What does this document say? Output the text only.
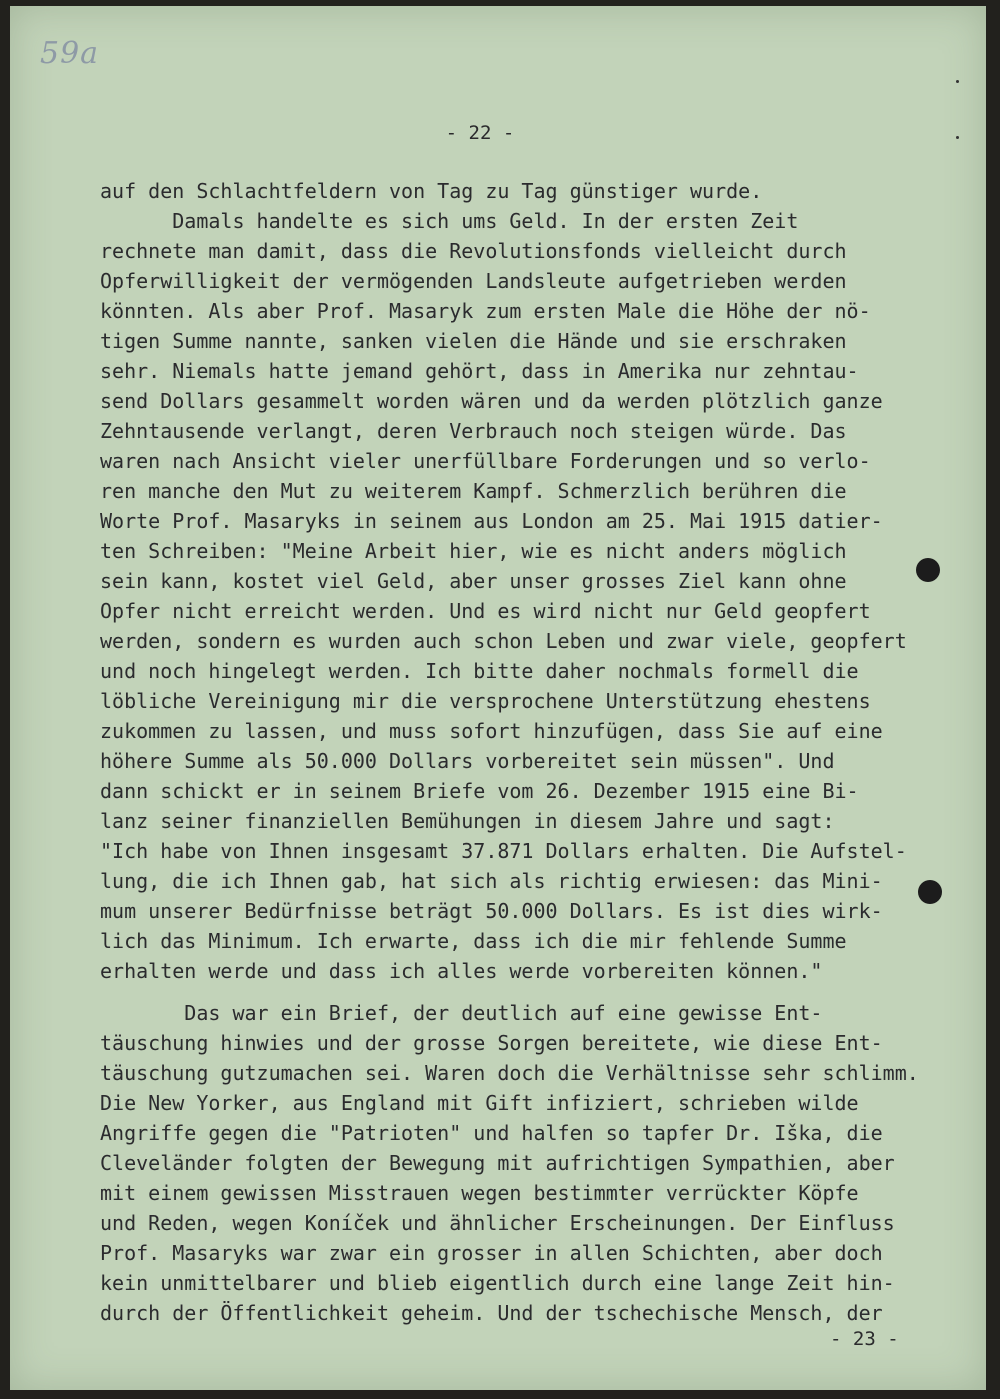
59a
- 22 -
auf den Schlachtfeldern von Tag zu Tag günstiger wurde.
Damals handelte es sich ums Geld. In der ersten Zeit
rechnete man damit, dass die Revolutionsfonds vielleicht durch
Opferwilligkeit der vermögenden Landsleute aufgetrieben werden
könnten. Als aber Prof. Masaryk zum ersten Male die Höhe der nö-
tigen Summe nannte, sanken vielen die Hände und sie erschraken
sehr. Niemals hatte jemand gehört, dass in Amerika nur zehntau-
send Dollars gesammelt worden wären und da werden plötzlich ganze
Zehntausende verlangt, deren Verbrauch noch steigen würde. Das
waren nach Ansicht vieler unerfüllbare Forderungen und so verlo-
ren manche den Mut zu weiterem Kampf. Schmerzlich berühren die
Worte Prof. Masaryks in seinem aus London am 25. Mai 1915 datier-
ten Schreiben: "Meine Arbeit hier, wie es nicht anders möglich
sein kann, kostet viel Geld, aber unser grosses Ziel kann ohne
Opfer nicht erreicht werden. Und es wird nicht nur Geld geopfert
werden, sondern es wurden auch schon Leben und zwar viele, geopfert
und noch hingelegt werden. Ich bitte daher nochmals formell die
löbliche Vereinigung mir die versprochene Unterstützung ehestens
zukommen zu lassen, und muss sofort hinzufügen, dass Sie auf eine
höhere Summe als 50.000 Dollars vorbereitet sein müssen". Und
dann schickt er in seinem Briefe vom 26. Dezember 1915 eine Bi-
lanz seiner finanziellen Bemühungen in diesem Jahre und sagt:
"Ich habe von Ihnen insgesamt 37.871 Dollars erhalten. Die Aufstel-
lung, die ich Ihnen gab, hat sich als richtig erwiesen: das Mini-
mum unserer Bedürfnisse beträgt 50.000 Dollars. Es ist dies wirk-
lich das Minimum. Ich erwarte, dass ich die mir fehlende Summe
erhalten werde und dass ich alles werde vorbereiten können."
Das war ein Brief, der deutlich auf eine gewisse Ent-
täuschung hinwies und der grosse Sorgen bereitete, wie diese Ent-
täuschung gutzumachen sei. Waren doch die Verhältnisse sehr schlimm.
Die New Yorker, aus England mit Gift infiziert, schrieben wilde
Angriffe gegen die "Patrioten" und halfen so tapfer Dr. Iška, die
Cleveländer folgten der Bewegung mit aufrichtigen Sympathien, aber
mit einem gewissen Misstrauen wegen bestimmter verrückter Köpfe
und Reden, wegen Koníček und ähnlicher Erscheinungen. Der Einfluss
Prof. Masaryks war zwar ein grosser in allen Schichten, aber doch
kein unmittelbarer und blieb eigentlich durch eine lange Zeit hin-
durch der Öffentlichkeit geheim. Und der tschechische Mensch, der
- 23 -
